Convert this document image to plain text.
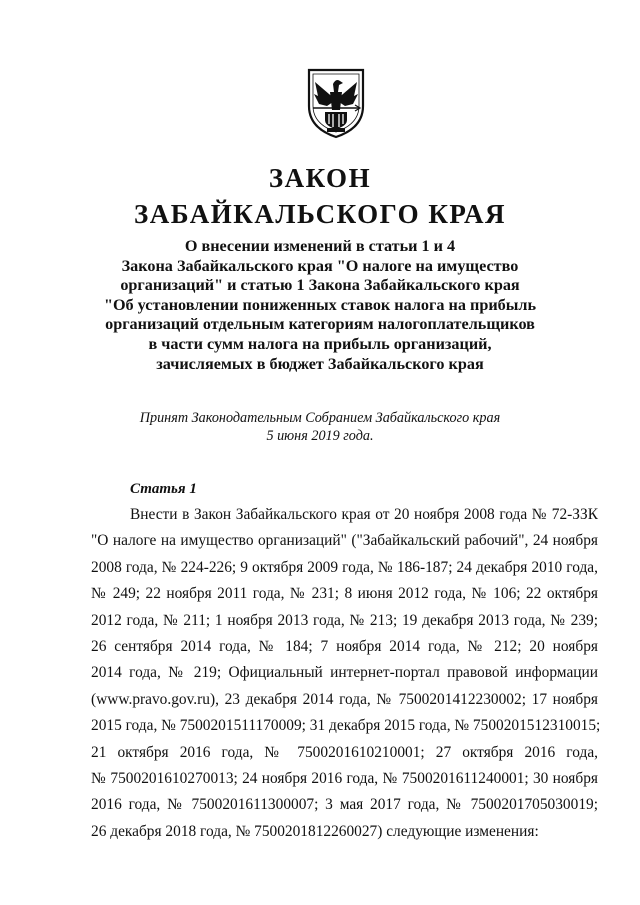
ЗАКОН
ЗАБАЙКАЛЬСКОГО КРАЯ
О внесении изменений в статьи 1 и 4
Закона Забайкальского края "О налоге на имущество
организаций" и статью 1 Закона Забайкальского края
"Об установлении пониженных ставок налога на прибыль
организаций отдельным категориям налогоплательщиков
в части сумм налога на прибыль организаций,
зачисляемых в бюджет Забайкальского края
Принят Законодательным Собранием Забайкальского края
5 июня 2019 года.
Статья 1
Внести в Закон Забайкальского края от 20 ноября 2008 года № 72-ЗЗК
"О налоге на имущество организаций" ("Забайкальский рабочий", 24 ноября
2008 года, № 224-226; 9 октября 2009 года, № 186-187; 24 декабря 2010 года,
№ 249; 22 ноября 2011 года, № 231; 8 июня 2012 года, № 106; 22 октября
2012 года, № 211; 1 ноября 2013 года, № 213; 19 декабря 2013 года, № 239;
26 сентября 2014 года, № 184; 7 ноября 2014 года, № 212; 20 ноября
2014 года, № 219; Официальный интернет-портал правовой информации
(www.pravo.gov.ru), 23 декабря 2014 года, № 7500201412230002; 17 ноября
2015 года, № 7500201511170009; 31 декабря 2015 года, № 7500201512310015;
21 октября 2016 года, № 7500201610210001; 27 октября 2016 года,
№ 7500201610270013; 24 ноября 2016 года, № 7500201611240001; 30 ноября
2016 года, № 7500201611300007; 3 мая 2017 года, № 7500201705030019;
26 декабря 2018 года, № 7500201812260027) следующие изменения:
